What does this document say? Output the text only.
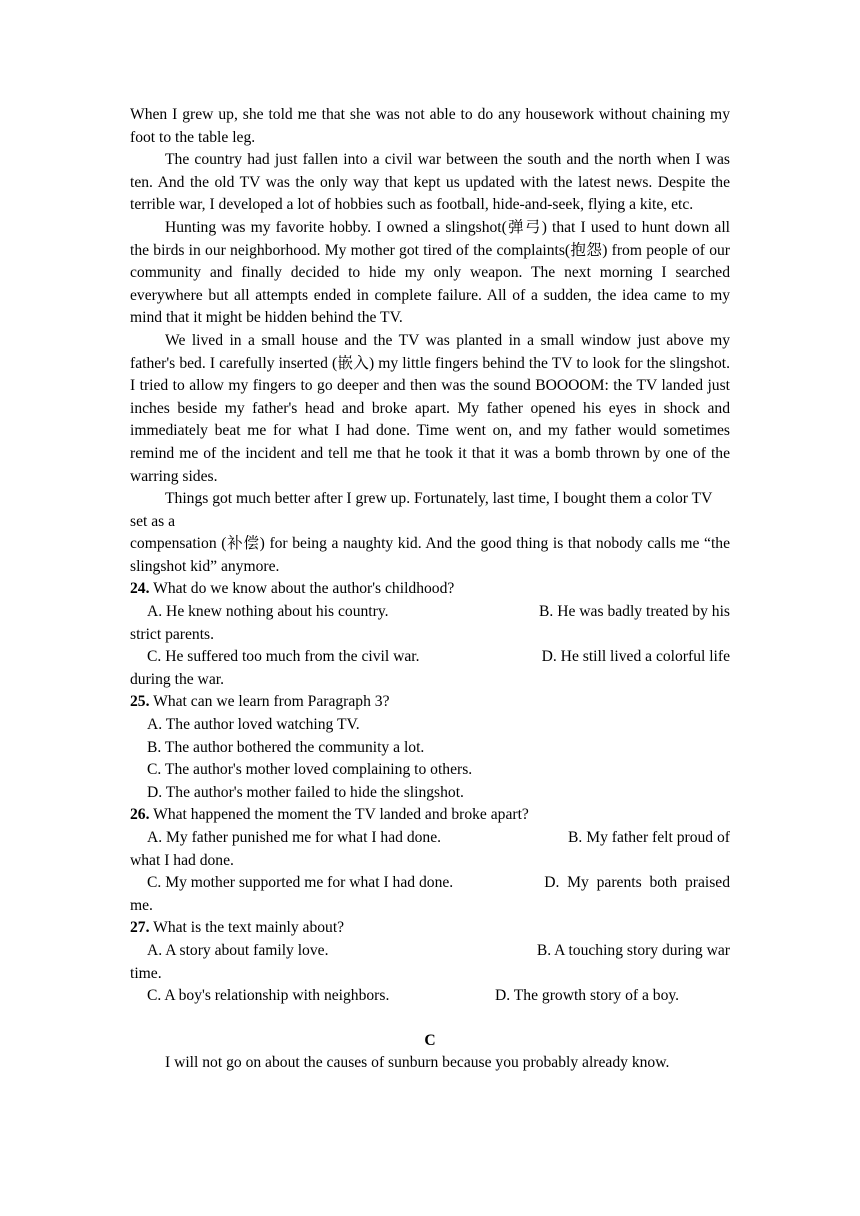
When I grew up, she told me that she was not able to do any housework without chaining my foot to the table leg.

The country had just fallen into a civil war between the south and the north when I was ten. And the old TV was the only way that kept us updated with the latest news. Despite the terrible war, I developed a lot of hobbies such as football, hide-and-seek, flying a kite, etc.

Hunting was my favorite hobby. I owned a slingshot(弹弓) that I used to hunt down all the birds in our neighborhood. My mother got tired of the complaints(抱怨) from people of our community and finally decided to hide my only weapon. The next morning I searched everywhere but all attempts ended in complete failure. All of a sudden, the idea came to my mind that it might be hidden behind the TV.

We lived in a small house and the TV was planted in a small window just above my father's bed. I carefully inserted (嵌入) my little fingers behind the TV to look for the slingshot. I tried to allow my fingers to go deeper and then was the sound BOOOOM: the TV landed just inches beside my father's head and broke apart. My father opened his eyes in shock and immediately beat me for what I had done. Time went on, and my father would sometimes remind me of the incident and tell me that he took it that it was a bomb thrown by one of the warring sides.

Things got much better after I grew up. Fortunately, last time, I bought them a color TV set as a

compensation (补偿) for being a naughty kid. And the good thing is that nobody calls me “the slingshot kid” anymore.

24. What do we know about the author's childhood?

A. He knew nothing about his country.	B. He was badly treated by his

strict parents.

C. He suffered too much from the civil war.	D. He still lived a colorful life

during the war.

25. What can we learn from Paragraph 3?

A. The author loved watching TV.

B. The author bothered the community a lot.

C. The author's mother loved complaining to others.

D. The author's mother failed to hide the slingshot.

26. What happened the moment the TV landed and broke apart?

A. My father punished me for what I had done.	B. My father felt proud of

what I had done.

C. My mother supported me for what I had done.	D.  My  parents  both  praised

me.

27. What is the text mainly about?

A. A story about family love.	B. A touching story during war

time.

C. A boy's relationship with neighbors.	D. The growth story of a boy.

C

I will not go on about the causes of sunburn because you probably already know.
